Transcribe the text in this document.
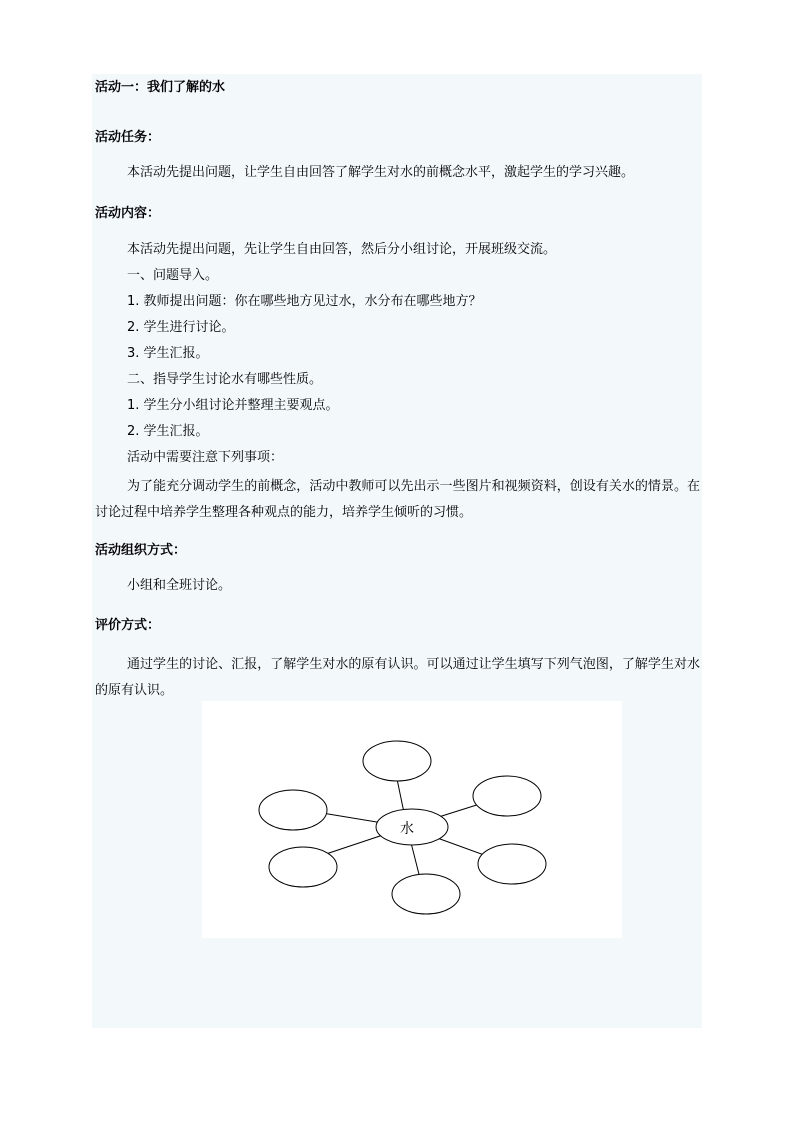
活动一：我们了解的水
活动任务：
本活动先提出问题，让学生自由回答了解学生对水的前概念水平，激起学生的学习兴趣。
活动内容：
本活动先提出问题，先让学生自由回答，然后分小组讨论，开展班级交流。
一、问题导入。
1. 教师提出问题：你在哪些地方见过水，水分布在哪些地方？
2. 学生进行讨论。
3. 学生汇报。
二、指导学生讨论水有哪些性质。
1. 学生分小组讨论并整理主要观点。
2. 学生汇报。
活动中需要注意下列事项：
为了能充分调动学生的前概念，活动中教师可以先出示一些图片和视频资料，创设有关水的情景。在讨论过程中培养学生整理各种观点的能力，培养学生倾听的习惯。
活动组织方式：
小组和全班讨论。
评价方式：
通过学生的讨论、汇报，了解学生对水的原有认识。可以通过让学生填写下列气泡图，了解学生对水的原有认识。
水
